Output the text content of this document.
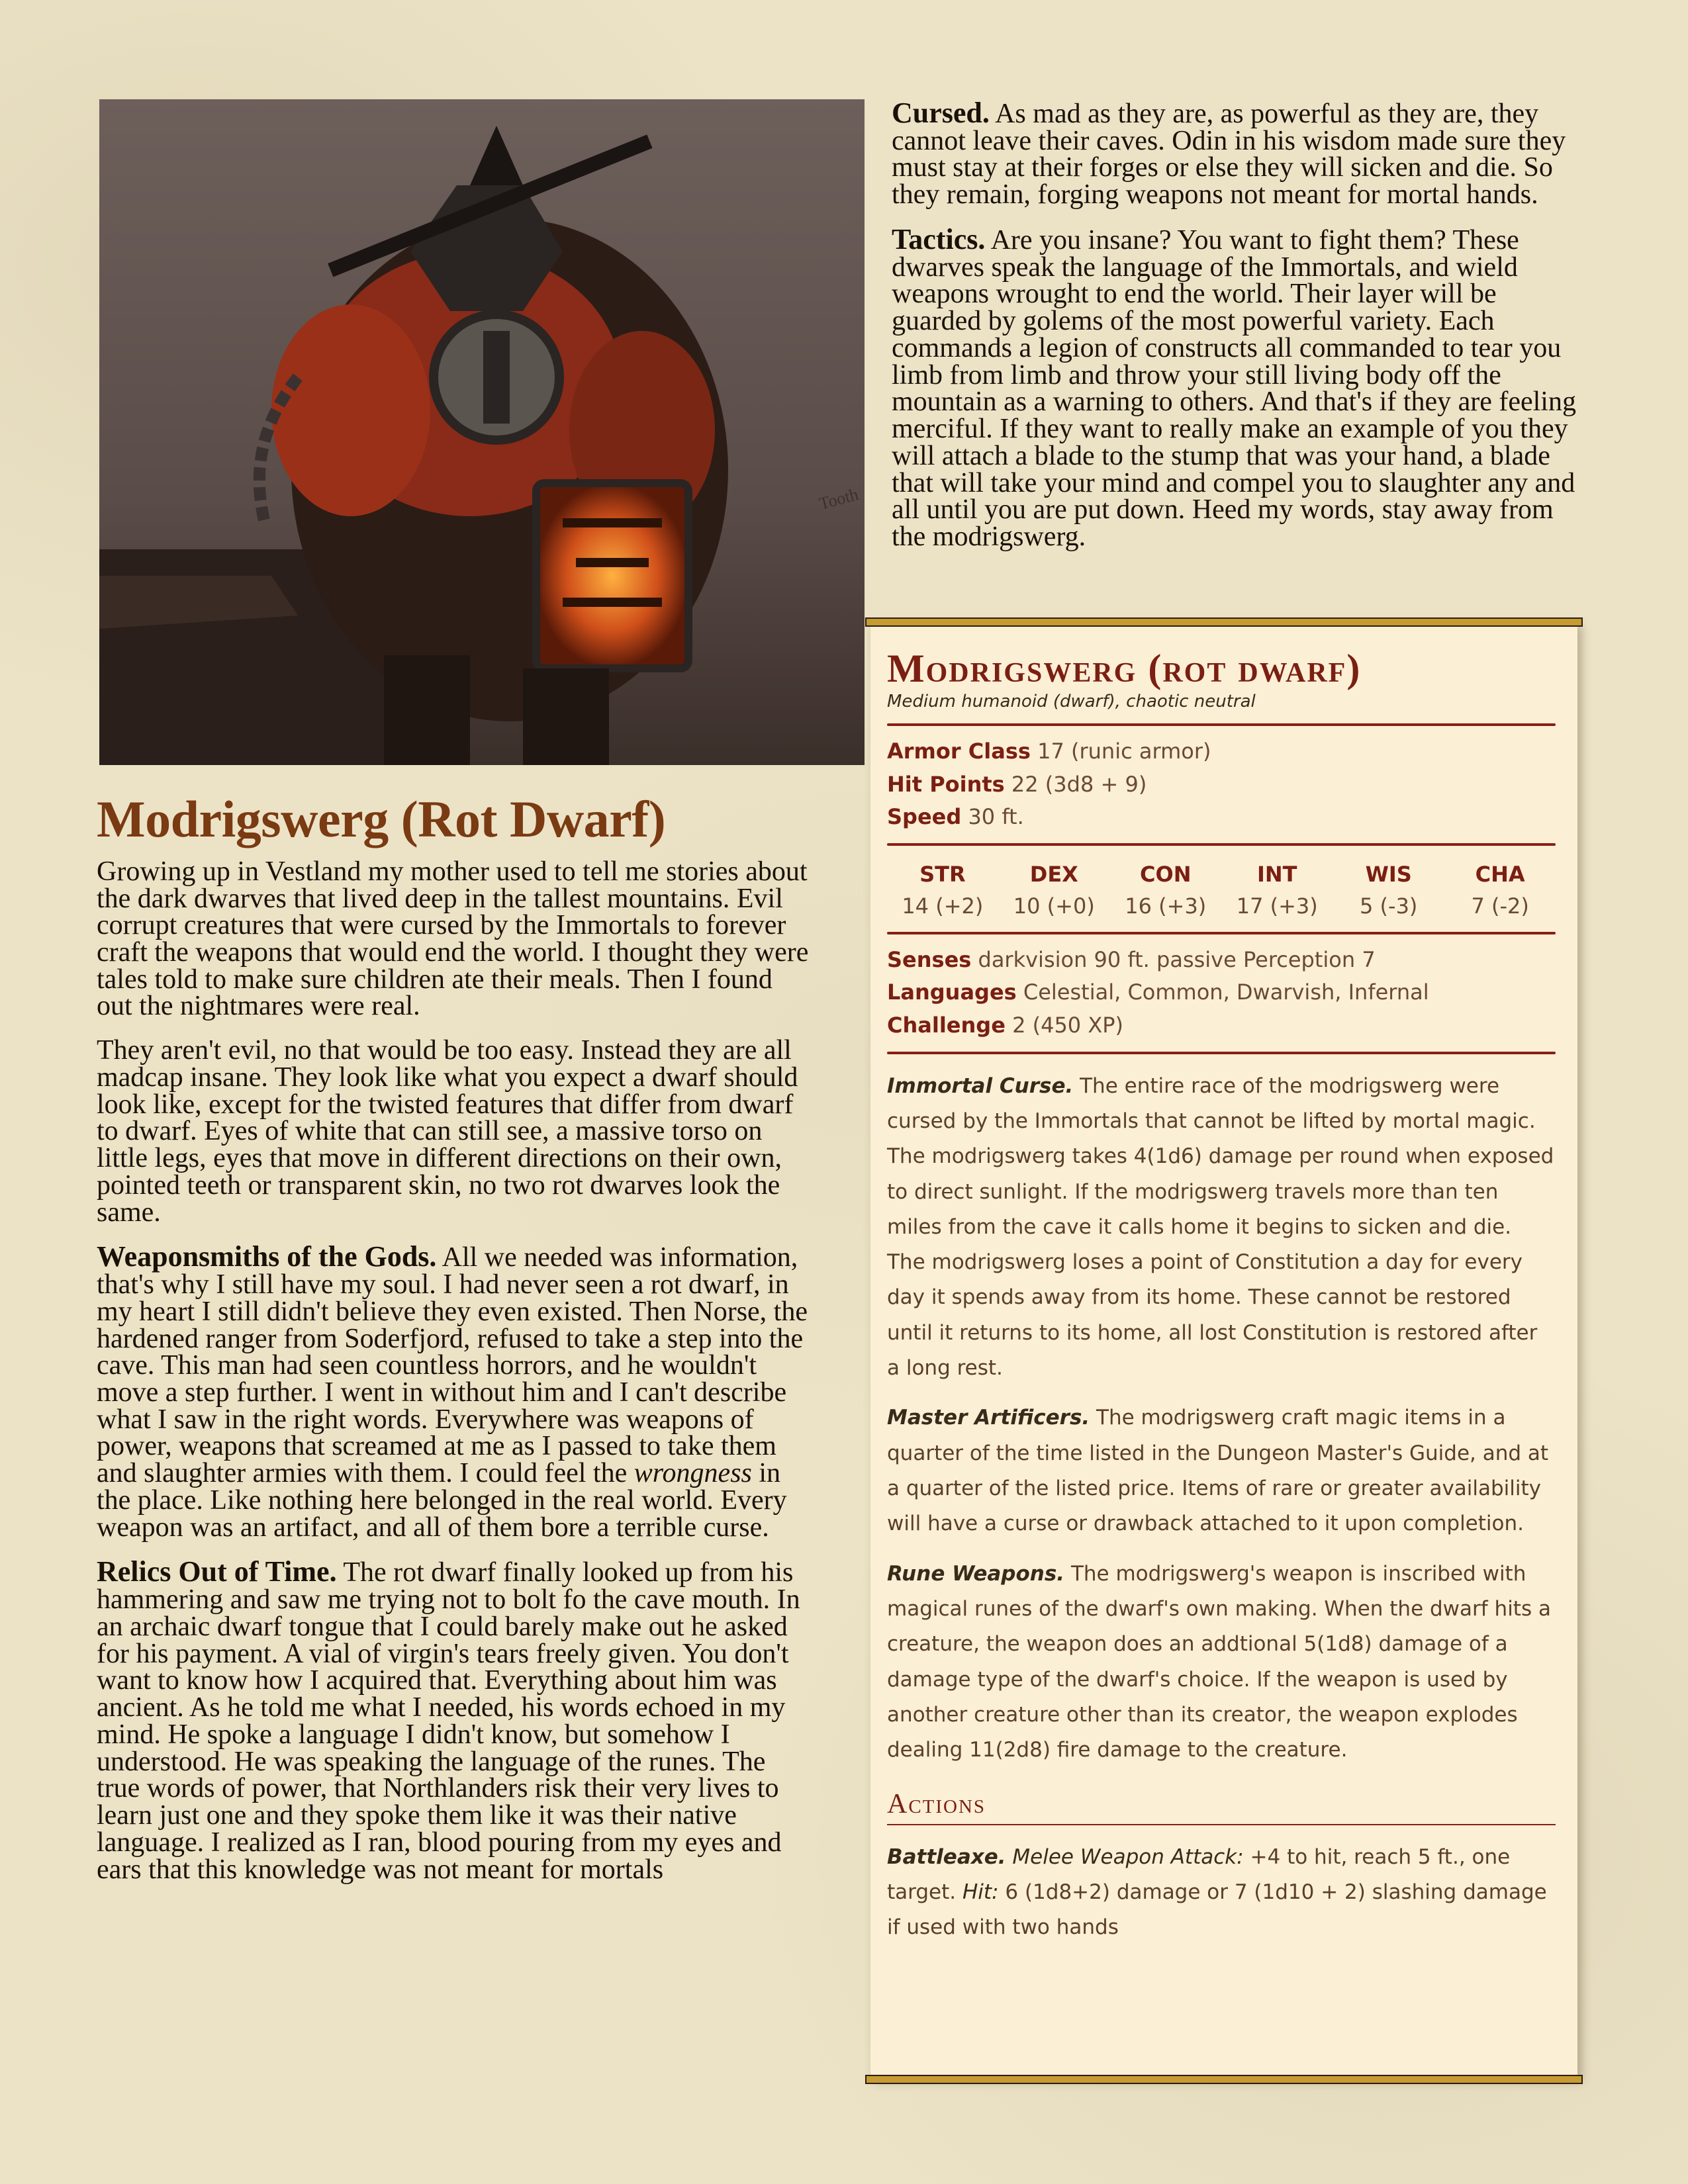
Tooth
Modrigswerg (Rot Dwarf)

Growing up in Vestland my mother used to tell me stories about the dark dwarves that lived deep in the tallest mountains. Evil corrupt creatures that were cursed by the Immortals to forever craft the weapons that would end the world. I thought they were tales told to make sure children ate their meals. Then I found out the nightmares were real.

They aren't evil, no that would be too easy. Instead they are all madcap insane. They look like what you expect a dwarf should look like, except for the twisted features that differ from dwarf to dwarf. Eyes of white that can still see, a massive torso on little legs, eyes that move in different directions on their own, pointed teeth or transparent skin, no two rot dwarves look the same.

Weaponsmiths of the Gods. All we needed was information, that's why I still have my soul. I had never seen a rot dwarf, in my heart I still didn't believe they even existed. Then Norse, the hardened ranger from Soderfjord, refused to take a step into the cave. This man had seen countless horrors, and he wouldn't move a step further. I went in without him and I can't describe what I saw in the right words. Everywhere was weapons of power, weapons that screamed at me as I passed to take them and slaughter armies with them. I could feel the wrongness in the place. Like nothing here belonged in the real world. Every weapon was an artifact, and all of them bore a terrible curse.

Relics Out of Time. The rot dwarf finally looked up from his hammering and saw me trying not to bolt fo the cave mouth. In an archaic dwarf tongue that I could barely make out he asked for his payment. A vial of virgin's tears freely given. You don't want to know how I acquired that. Everything about him was ancient. As he told me what I needed, his words echoed in my mind. He spoke a language I didn't know, but somehow I understood. He was speaking the language of the runes. The true words of power, that Northlanders risk their very lives to learn just one and they spoke them like it was their native language. I realized as I ran, blood pouring from my eyes and ears that this knowledge was not meant for mortals

Cursed. As mad as they are, as powerful as they are, they cannot leave their caves. Odin in his wisdom made sure they must stay at their forges or else they will sicken and die. So they remain, forging weapons not meant for mortal hands.

Tactics. Are you insane? You want to fight them? These dwarves speak the language of the Immortals, and wield weapons wrought to end the world. Their layer will be guarded by golems of the most powerful variety. Each commands a legion of constructs all commanded to tear you limb from limb and throw your still living body off the mountain as a warning to others. And that's if they are feeling merciful. If they want to really make an example of you they will attach a blade to the stump that was your hand, a blade that will take your mind and compel you to slaughter any and all until you are put down. Heed my words, stay away from the modrigswerg.

Modrigswerg (rot dwarf)
Medium humanoid (dwarf), chaotic neutral
Armor Class 17 (runic armor)
Hit Points 22 (3d8 + 9)
Speed 30 ft.
STR
14 (+2)
DEX
10 (+0)
CON
16 (+3)
INT
17 (+3)
WIS
5 (-3)
CHA
7 (-2)
Senses darkvision 90 ft. passive Perception 7
Languages Celestial, Common, Dwarvish, Infernal
Challenge 2 (450 XP)
Immortal Curse. The entire race of the modrigswerg were cursed by the Immortals that cannot be lifted by mortal magic. The modrigswerg takes 4(1d6) damage per round when exposed to direct sunlight. If the modrigswerg travels more than ten miles from the cave it calls home it begins to sicken and die. The modrigswerg loses a point of Constitution a day for every day it spends away from its home. These cannot be restored until it returns to its home, all lost Constitution is restored after a long rest.
Master Artificers. The modrigswerg craft magic items in a quarter of the time listed in the Dungeon Master's Guide, and at a quarter of the listed price. Items of rare or greater availability will have a curse or drawback attached to it upon completion.
Rune Weapons. The modrigswerg's weapon is inscribed with magical runes of the dwarf's own making. When the dwarf hits a creature, the weapon does an addtional 5(1d8) damage of a damage type of the dwarf's choice. If the weapon is used by another creature other than its creator, the weapon explodes dealing 11(2d8) fire damage to the creature.
Actions
Battleaxe. Melee Weapon Attack: +4 to hit, reach 5 ft., one target. Hit: 6 (1d8+2) damage or 7 (1d10 + 2) slashing damage if used with two hands
